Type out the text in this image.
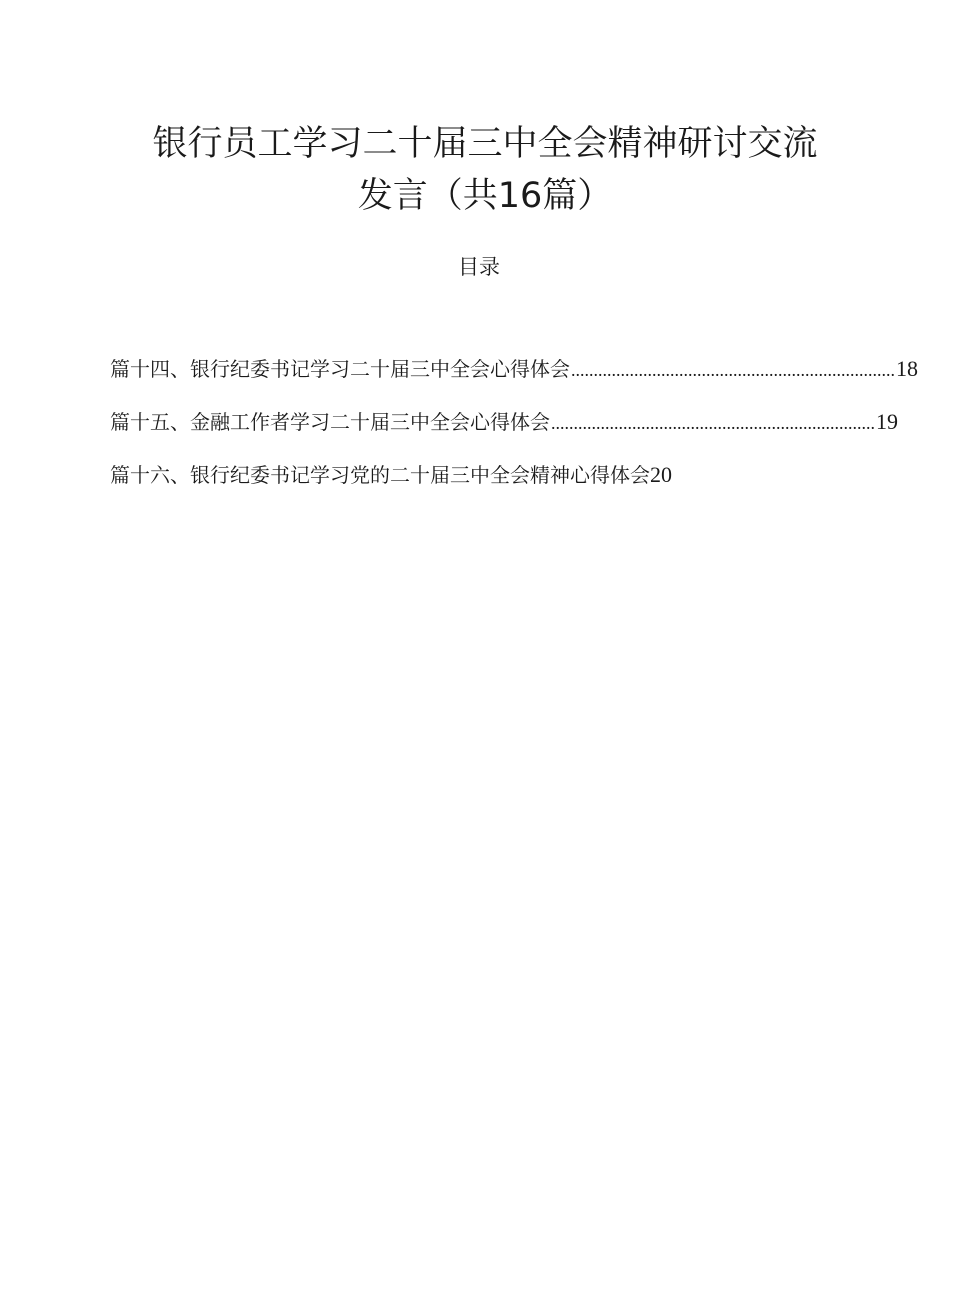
银行员工学习二十届三中全会精神研讨交流发言（共16篇）
目录
篇十四、银行纪委书记学习二十届三中全会心得体会 ........................................................................ 18
篇十五、金融工作者学习二十届三中全会心得体会 ........................................................................ 19
篇十六、银行纪委书记学习党的二十届三中全会精神心得体会 20
